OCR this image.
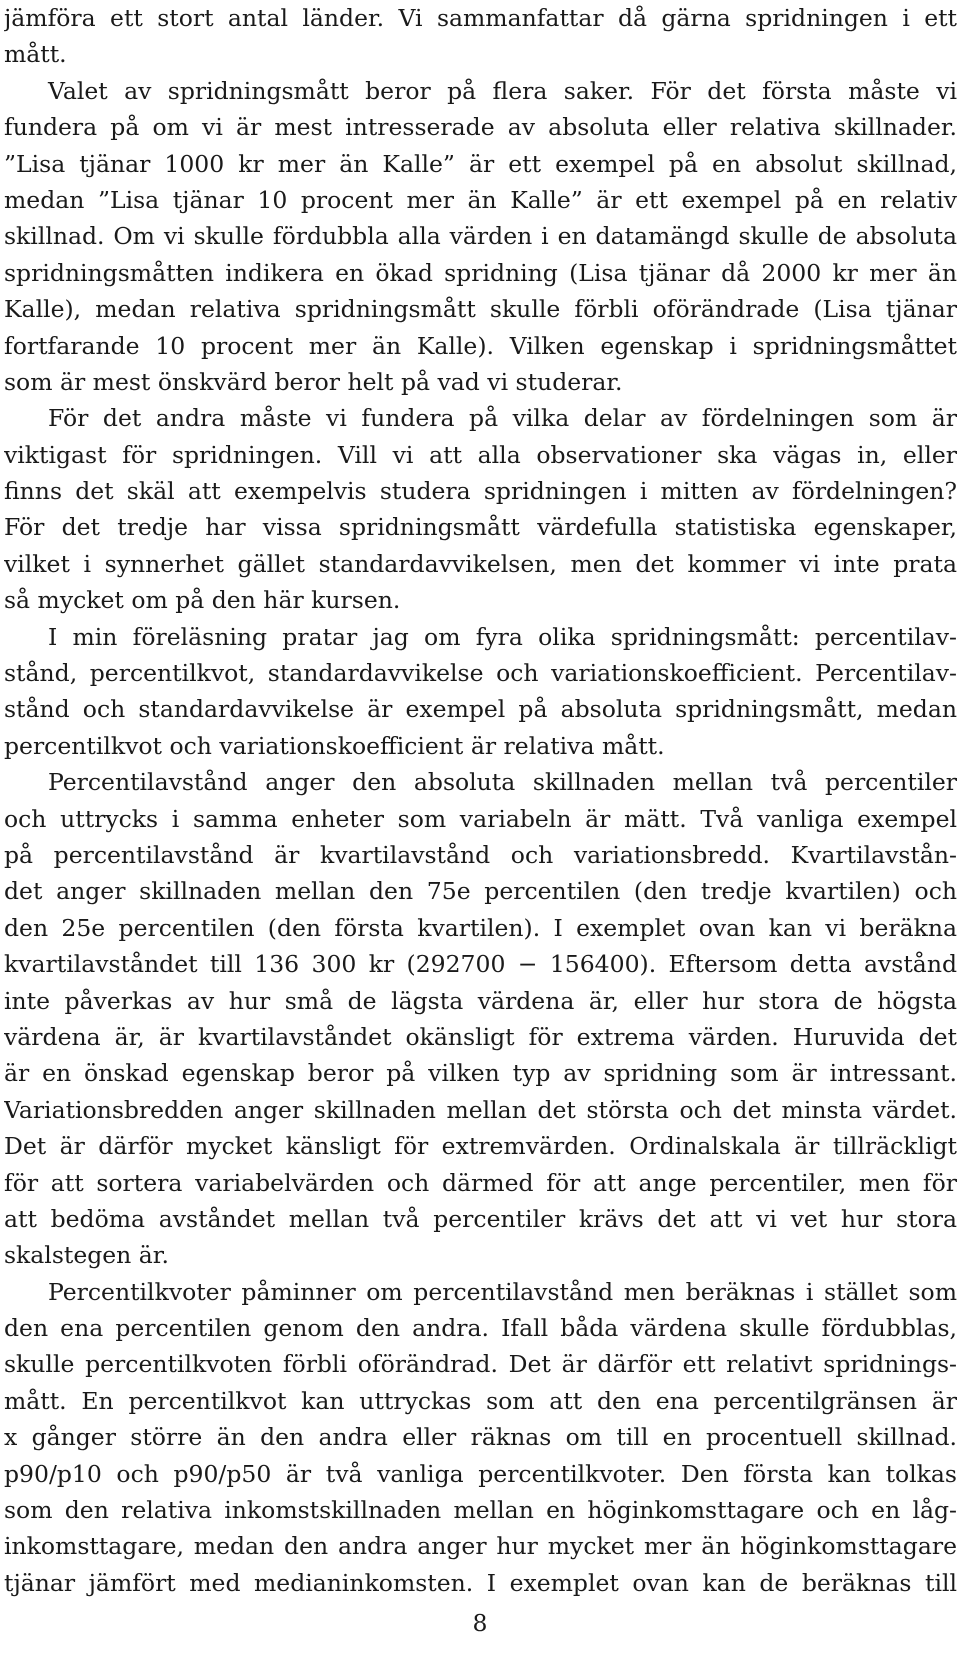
jämföra ett stort antal länder. Vi sammanfattar då gärna spridningen i ett
mått.
Valet av spridningsmått beror på flera saker. För det första måste vi
fundera på om vi är mest intresserade av absoluta eller relativa skillnader.
”Lisa tjänar 1000 kr mer än Kalle” är ett exempel på en absolut skillnad,
medan ”Lisa tjänar 10 procent mer än Kalle” är ett exempel på en relativ
skillnad. Om vi skulle fördubbla alla värden i en datamängd skulle de absoluta
spridningsmåtten indikera en ökad spridning (Lisa tjänar då 2000 kr mer än
Kalle), medan relativa spridningsmått skulle förbli oförändrade (Lisa tjänar
fortfarande 10 procent mer än Kalle). Vilken egenskap i spridningsmåttet
som är mest önskvärd beror helt på vad vi studerar.
För det andra måste vi fundera på vilka delar av fördelningen som är
viktigast för spridningen. Vill vi att alla observationer ska vägas in, eller
finns det skäl att exempelvis studera spridningen i mitten av fördelningen?
För det tredje har vissa spridningsmått värdefulla statistiska egenskaper,
vilket i synnerhet gället standardavvikelsen, men det kommer vi inte prata
så mycket om på den här kursen.
I min föreläsning pratar jag om fyra olika spridningsmått: percentilav-
stånd, percentilkvot, standardavvikelse och variationskoefficient. Percentilav-
stånd och standardavvikelse är exempel på absoluta spridningsmått, medan
percentilkvot och variationskoefficient är relativa mått.
Percentilavstånd anger den absoluta skillnaden mellan två percentiler
och uttrycks i samma enheter som variabeln är mätt. Två vanliga exempel
på percentilavstånd är kvartilavstånd och variationsbredd. Kvartilavstån-
det anger skillnaden mellan den 75e percentilen (den tredje kvartilen) och
den 25e percentilen (den första kvartilen). I exemplet ovan kan vi beräkna
kvartilavståndet till 136 300 kr (292700 − 156400). Eftersom detta avstånd
inte påverkas av hur små de lägsta värdena är, eller hur stora de högsta
värdena är, är kvartilavståndet okänsligt för extrema värden. Huruvida det
är en önskad egenskap beror på vilken typ av spridning som är intressant.
Variationsbredden anger skillnaden mellan det största och det minsta värdet.
Det är därför mycket känsligt för extremvärden. Ordinalskala är tillräckligt
för att sortera variabelvärden och därmed för att ange percentiler, men för
att bedöma avståndet mellan två percentiler krävs det att vi vet hur stora
skalstegen är.
Percentilkvoter påminner om percentilavstånd men beräknas i stället som
den ena percentilen genom den andra. Ifall båda värdena skulle fördubblas,
skulle percentilkvoten förbli oförändrad. Det är därför ett relativt spridnings-
mått. En percentilkvot kan uttryckas som att den ena percentilgränsen är
x gånger större än den andra eller räknas om till en procentuell skillnad.
p90/p10 och p90/p50 är två vanliga percentilkvoter. Den första kan tolkas
som den relativa inkomstskillnaden mellan en höginkomsttagare och en låg-
inkomsttagare, medan den andra anger hur mycket mer än höginkomsttagare
tjänar jämfört med medianinkomsten. I exemplet ovan kan de beräknas till
8
